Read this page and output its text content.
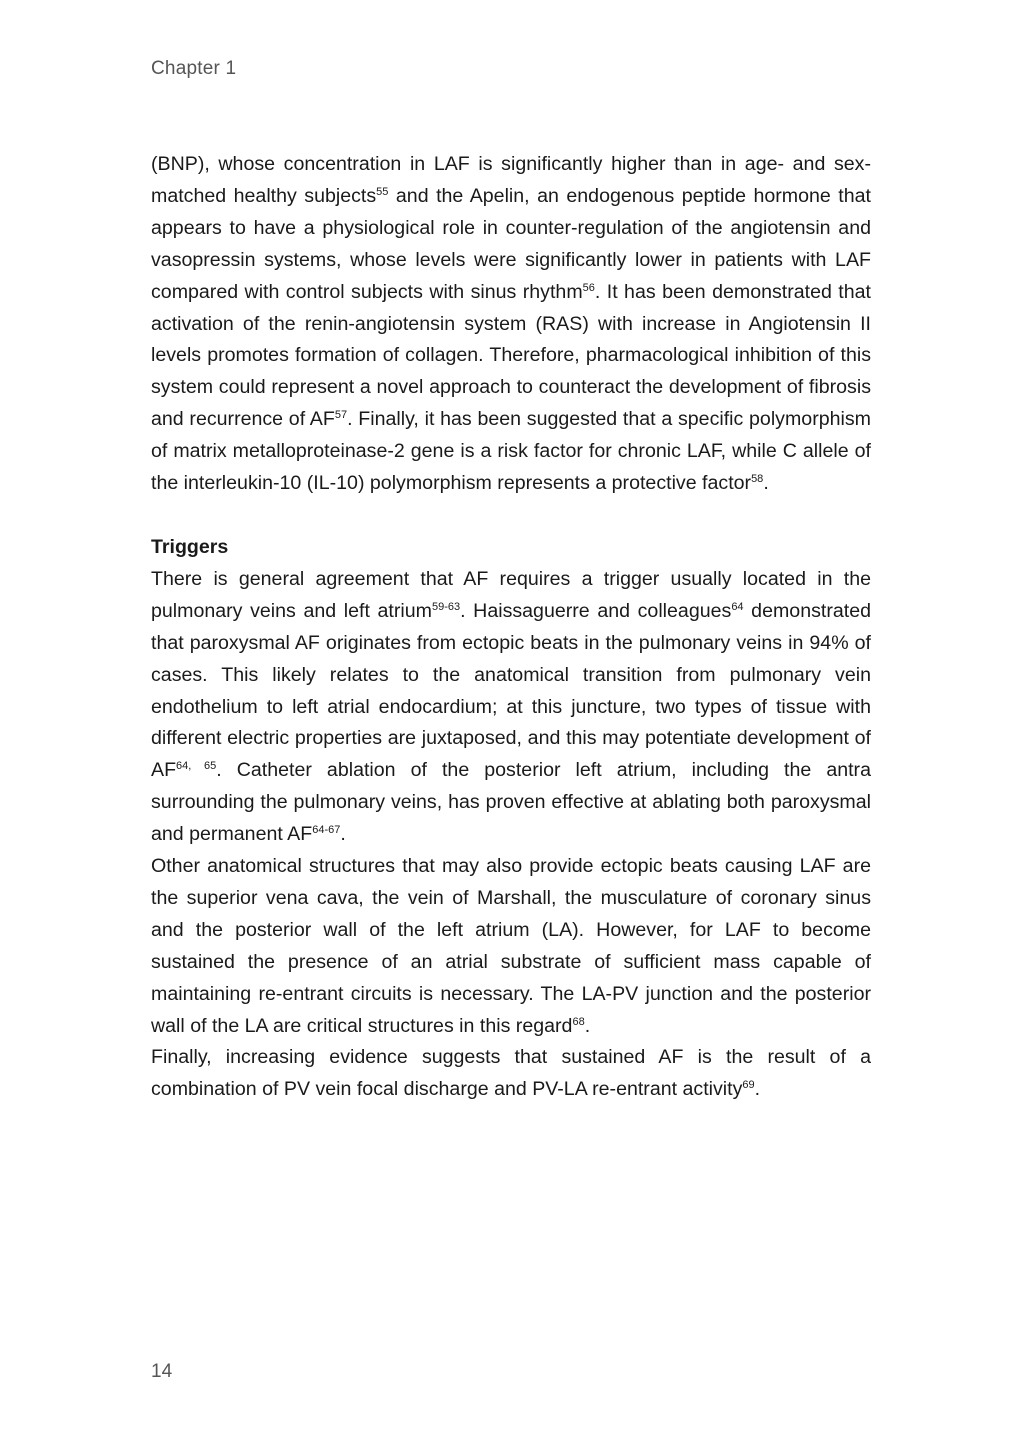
Chapter 1

(BNP), whose concentration in LAF is significantly higher than in age- and sex-matched healthy subjects$^{55}$ and the Apelin, an endogenous peptide hormone that appears to have a physiological role in counter-regulation of the angiotensin and vasopressin systems, whose levels were significantly lower in patients with LAF compared with control subjects with sinus rhythm$^{56}$. It has been demonstrated that activation of the renin-angiotensin system (RAS) with increase in Angiotensin II levels promotes formation of collagen. Therefore, pharmacological inhibition of this system could represent a novel approach to counteract the development of fibrosis and recurrence of AF$^{57}$. Finally, it has been suggested that a specific polymorphism of matrix metalloproteinase-2 gene is a risk factor for chronic LAF, while C allele of the interleukin-10 (IL-10) polymorphism represents a protective factor$^{58}$.

Triggers

There is general agreement that AF requires a trigger usually located in the pulmonary veins and left atrium$^{59-63}$. Haissaguerre and colleagues$^{64}$ demonstrated that paroxysmal AF originates from ectopic beats in the pulmonary veins in 94% of cases. This likely relates to the anatomical transition from pulmonary vein endothelium to left atrial endocardium; at this juncture, two types of tissue with different electric properties are juxtaposed, and this may potentiate development of AF$^{64, 65}$. Catheter ablation of the posterior left atrium, including the antra surrounding the pulmonary veins, has proven effective at ablating both paroxysmal and permanent AF$^{64-67}$.

Other anatomical structures that may also provide ectopic beats causing LAF are the superior vena cava, the vein of Marshall, the musculature of coronary sinus and the posterior wall of the left atrium (LA). However, for LAF to become sustained the presence of an atrial substrate of sufficient mass capable of maintaining re-entrant circuits is necessary. The LA-PV junction and the posterior wall of the LA are critical structures in this regard$^{68}$.

Finally, increasing evidence suggests that sustained AF is the result of a combination of PV vein focal discharge and PV-LA re-entrant activity$^{69}$.

14
